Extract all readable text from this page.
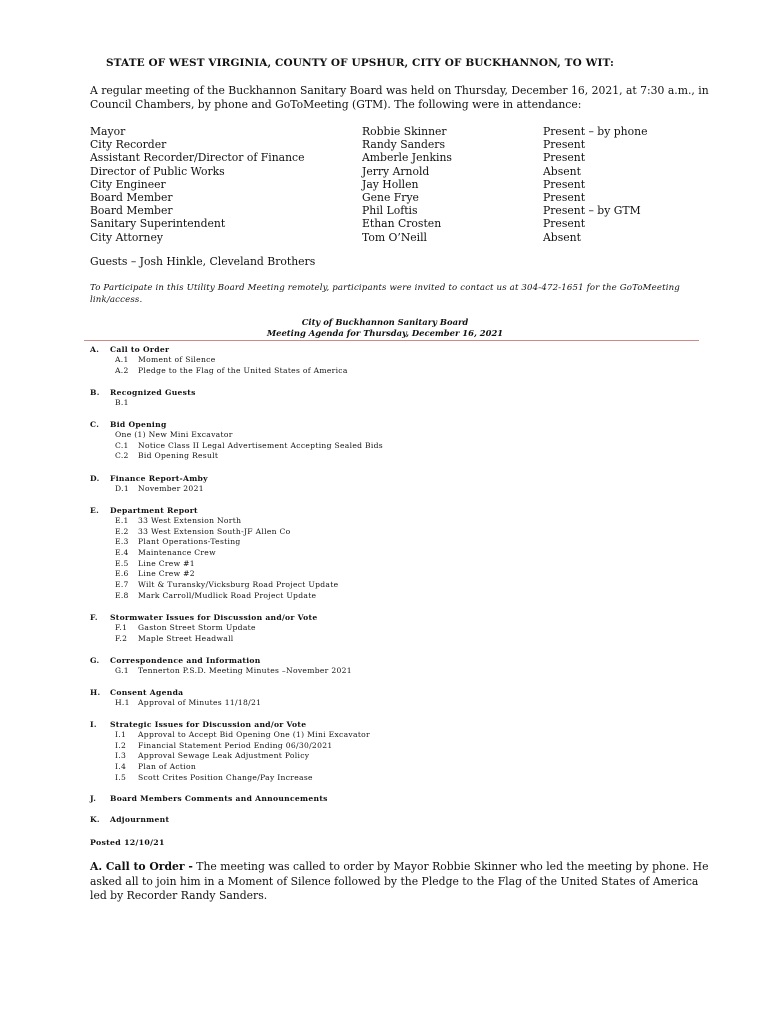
STATE OF WEST VIRGINIA, COUNTY OF UPSHUR, CITY OF BUCKHANNON, TO WIT:
A regular meeting of the Buckhannon Sanitary Board was held on Thursday, December 16, 2021, at 7:30 a.m., in Council Chambers, by phone and GoToMeeting (GTM). The following were in attendance:
Mayor	Robbie Skinner	Present – by phone
City Recorder	Randy Sanders	Present
Assistant Recorder/Director of Finance	Amberle Jenkins	Present
Director of Public Works	Jerry Arnold	Absent
City Engineer	Jay Hollen	Present
Board Member	Gene Frye	Present
Board Member	Phil Loftis	Present – by GTM
Sanitary Superintendent	Ethan Crosten	Present
City Attorney	Tom O’Neill	Absent
Guests – Josh Hinkle, Cleveland Brothers
To Participate in this Utility Board Meeting remotely, participants were invited to contact us at 304-472-1651 for the GoToMeeting link/access.
City of Buckhannon Sanitary Board
Meeting Agenda for Thursday, December 16, 2021
A. Call to Order
A.1 Moment of Silence
A.2 Pledge to the Flag of the United States of America
B. Recognized Guests
B.1
C. Bid Opening
One (1) New Mini Excavator
C.1 Notice Class II Legal Advertisement Accepting Sealed Bids
C.2 Bid Opening Result
D. Finance Report-Amby
D.1 November 2021
E. Department Report
E.1 33 West Extension North
E.2 33 West Extension South-JF Allen Co
E.3 Plant Operations-Testing
E.4 Maintenance Crew
E.5 Line Crew #1
E.6 Line Crew #2
E.7 Wilt & Turansky/Vicksburg Road Project Update
E.8 Mark Carroll/Mudlick Road Project Update
F. Stormwater Issues for Discussion and/or Vote
F.1 Gaston Street Storm Update
F.2 Maple Street Headwall
G. Correspondence and Information
G.1 Tennerton P.S.D. Meeting Minutes –November 2021
H. Consent Agenda
H.1 Approval of Minutes 11/18/21
I. Strategic Issues for Discussion and/or Vote
I.1 Approval to Accept Bid Opening One (1) Mini Excavator
I.2 Financial Statement Period Ending 06/30/2021
I.3 Approval Sewage Leak Adjustment Policy
I.4 Plan of Action
I.5 Scott Crites Position Change/Pay Increase
J. Board Members Comments and Announcements
K. Adjournment
Posted 12/10/21
A. Call to Order - The meeting was called to order by Mayor Robbie Skinner who led the meeting by phone. He asked all to join him in a Moment of Silence followed by the Pledge to the Flag of the United States of America led by Recorder Randy Sanders.
